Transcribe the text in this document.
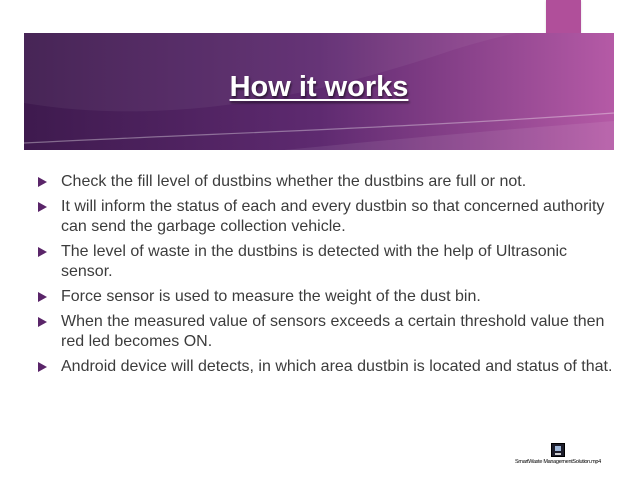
How it works
Check the fill level of dustbins whether the dustbins are full or not.
It will inform the status of each and every dustbin so that concerned authority can send the garbage collection vehicle.
The level of waste in the dustbins is detected with the help of Ultrasonic sensor.
Force sensor is used to measure the weight of the dust bin.
When the measured value of sensors exceeds a certain threshold value then red led becomes ON.
Android device will detects, in which area dustbin is located and status of that.
SmartWaste ManagementSolution.mp4
